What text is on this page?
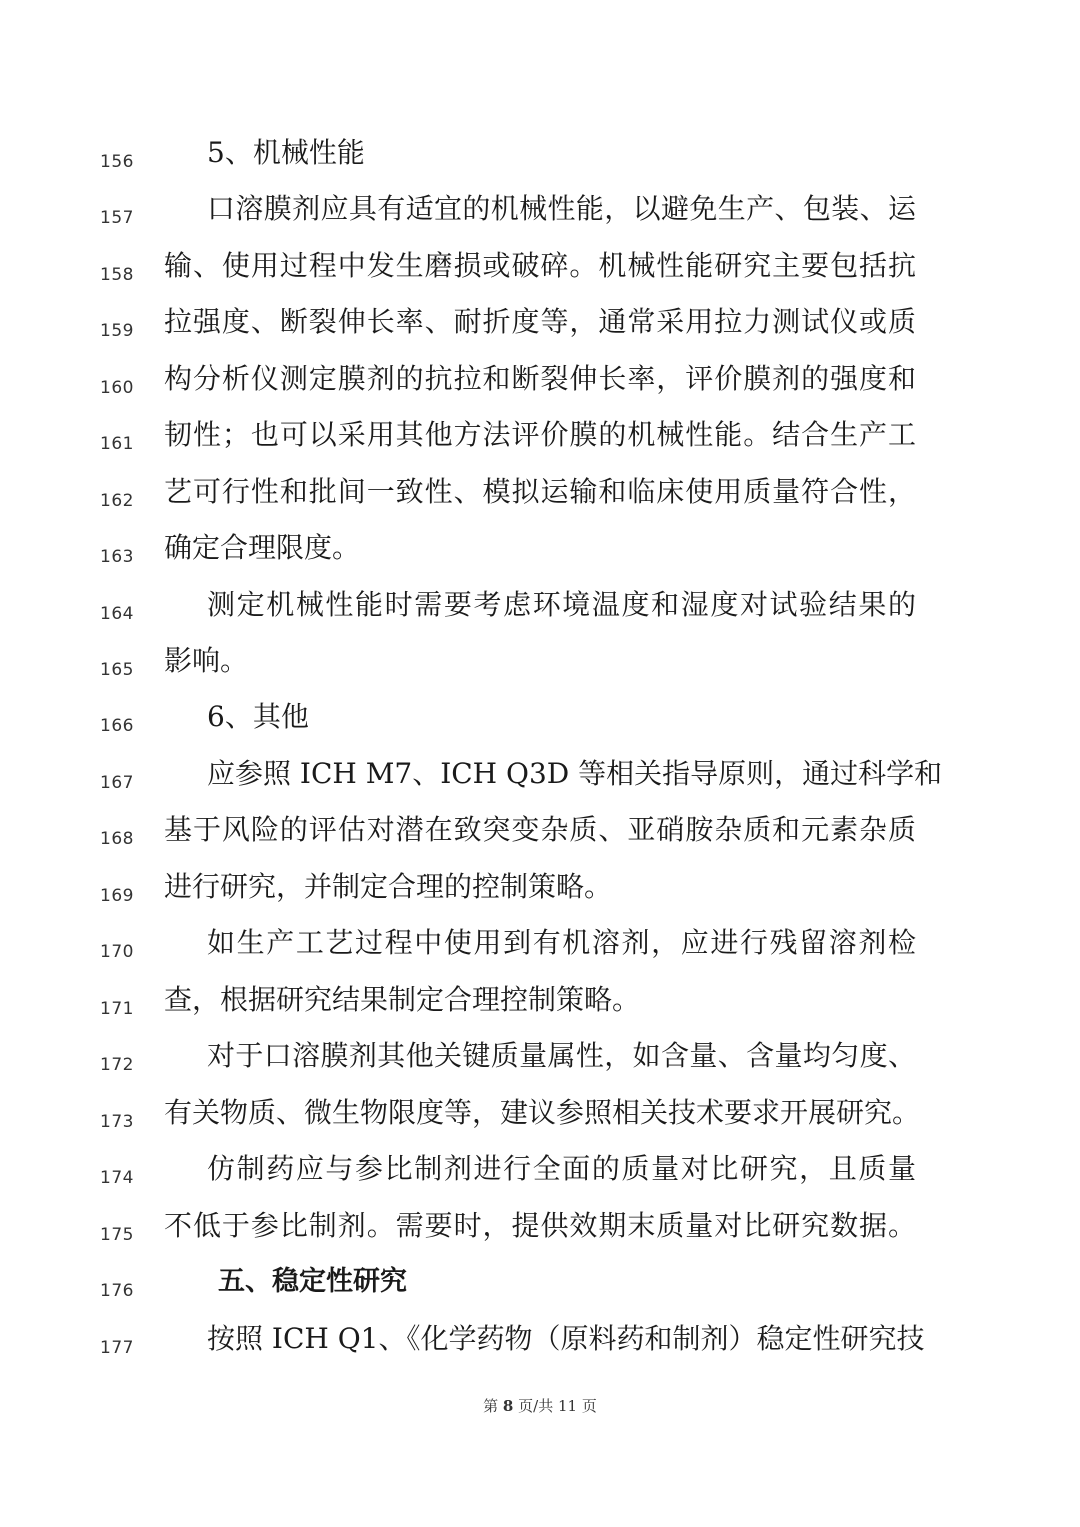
156	5、机械性能
157	口溶膜剂应具有适宜的机械性能，以避免生产、包装、运
158 输、使用过程中发生磨损或破碎。机械性能研究主要包括抗
159 拉强度、断裂伸长率、耐折度等，通常采用拉力测试仪或质
160 构分析仪测定膜剂的抗拉和断裂伸长率，评价膜剂的强度和
161 韧性；也可以采用其他方法评价膜的机械性能。结合生产工
162 艺可行性和批间一致性、模拟运输和临床使用质量符合性，
163 确定合理限度。
164	测定机械性能时需要考虑环境温度和湿度对试验结果的
165 影响。
166	6、其他
167	应参照 ICH M7、ICH Q3D 等相关指导原则，通过科学和
168 基于风险的评估对潜在致突变杂质、亚硝胺杂质和元素杂质
169 进行研究，并制定合理的控制策略。
170	如生产工艺过程中使用到有机溶剂，应进行残留溶剂检
171 查，根据研究结果制定合理控制策略。
172	对于口溶膜剂其他关键质量属性，如含量、含量均匀度、
173 有关物质、微生物限度等，建议参照相关技术要求开展研究。
174	仿制药应与参比制剂进行全面的质量对比研究，且质量
175 不低于参比制剂。需要时，提供效期末质量对比研究数据。
176	五、稳定性研究
177	按照 ICH Q1、《化学药物（原料药和制剂）稳定性研究技
第 8 页/共 11 页
